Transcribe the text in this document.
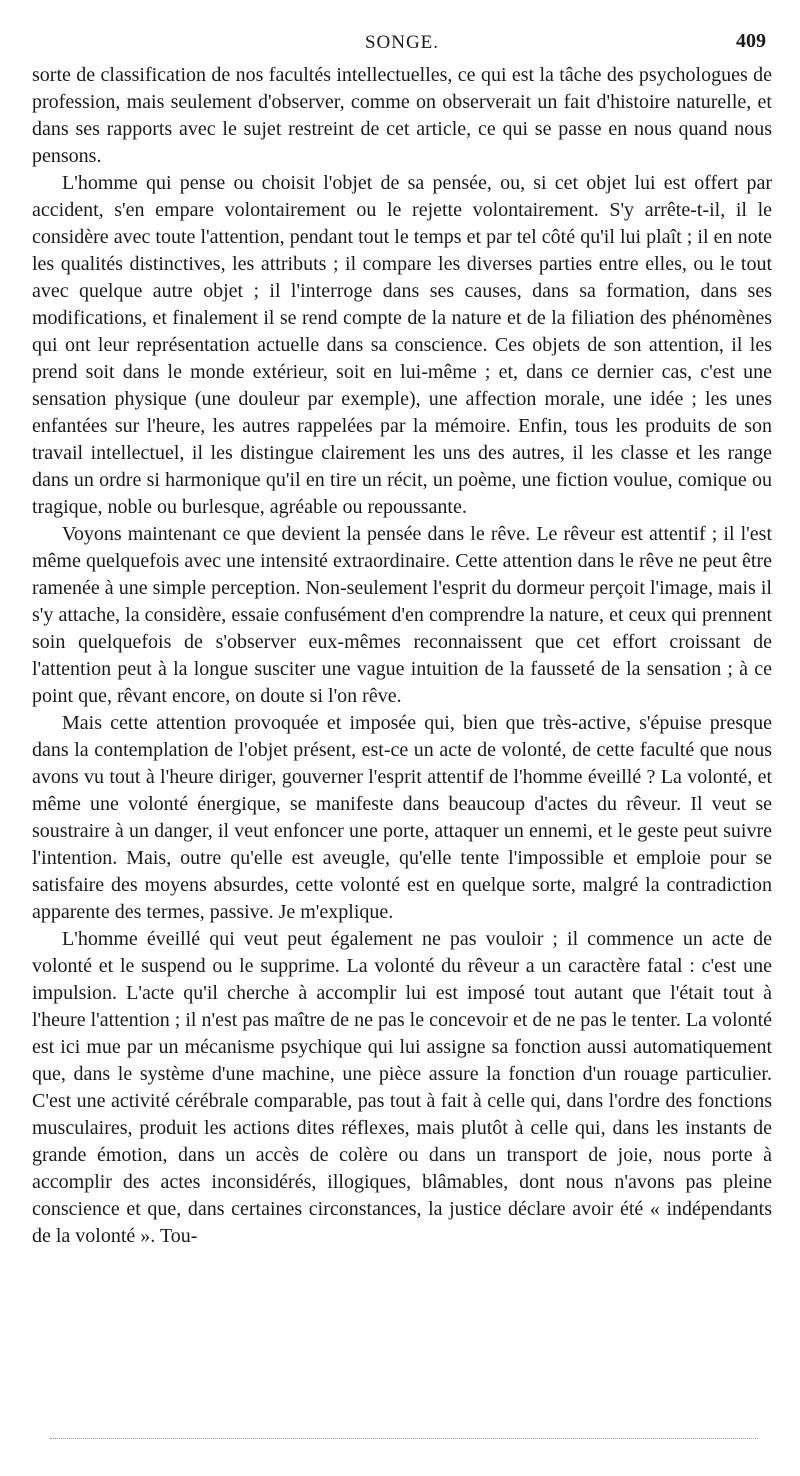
SONGE.	409

sorte de classification de nos facultés intellectuelles, ce qui est la tâche des psychologues de profession, mais seulement d'observer, comme on observerait un fait d'histoire naturelle, et dans ses rapports avec le sujet restreint de cet article, ce qui se passe en nous quand nous pensons.

L'homme qui pense ou choisit l'objet de sa pensée, ou, si cet objet lui est offert par accident, s'en empare volontairement ou le rejette volontairement. S'y arrête-t-il, il le considère avec toute l'attention, pendant tout le temps et par tel côté qu'il lui plaît ; il en note les qualités distinctives, les attributs ; il compare les diverses parties entre elles, ou le tout avec quelque autre objet ; il l'interroge dans ses causes, dans sa formation, dans ses modifications, et finalement il se rend compte de la nature et de la filiation des phénomènes qui ont leur représentation actuelle dans sa conscience. Ces objets de son attention, il les prend soit dans le monde extérieur, soit en lui-même ; et, dans ce dernier cas, c'est une sensation physique (une douleur par exemple), une affection morale, une idée ; les unes enfantées sur l'heure, les autres rappelées par la mémoire. Enfin, tous les produits de son travail intellectuel, il les distingue clairement les uns des autres, il les classe et les range dans un ordre si harmonique qu'il en tire un récit, un poème, une fiction voulue, comique ou tragique, noble ou burlesque, agréable ou repoussante.

Voyons maintenant ce que devient la pensée dans le rêve. Le rêveur est attentif ; il l'est même quelquefois avec une intensité extraordinaire. Cette attention dans le rêve ne peut être ramenée à une simple perception. Non-seulement l'esprit du dormeur perçoit l'image, mais il s'y attache, la considère, essaie confusément d'en comprendre la nature, et ceux qui prennent soin quelquefois de s'observer eux-mêmes reconnaissent que cet effort croissant de l'attention peut à la longue susciter une vague intuition de la fausseté de la sensation ; à ce point que, rêvant encore, on doute si l'on rêve.

Mais cette attention provoquée et imposée qui, bien que très-active, s'épuise presque dans la contemplation de l'objet présent, est-ce un acte de volonté, de cette faculté que nous avons vu tout à l'heure diriger, gouverner l'esprit attentif de l'homme éveillé ? La volonté, et même une volonté énergique, se manifeste dans beaucoup d'actes du rêveur. Il veut se soustraire à un danger, il veut enfoncer une porte, attaquer un ennemi, et le geste peut suivre l'intention. Mais, outre qu'elle est aveugle, qu'elle tente l'impossible et emploie pour se satisfaire des moyens absurdes, cette volonté est en quelque sorte, malgré la contradiction apparente des termes, passive. Je m'explique.

L'homme éveillé qui veut peut également ne pas vouloir ; il commence un acte de volonté et le suspend ou le supprime. La volonté du rêveur a un caractère fatal : c'est une impulsion. L'acte qu'il cherche à accomplir lui est imposé tout autant que l'était tout à l'heure l'attention ; il n'est pas maître de ne pas le concevoir et de ne pas le tenter. La volonté est ici mue par un mécanisme psychique qui lui assigne sa fonction aussi automatiquement que, dans le système d'une machine, une pièce assure la fonction d'un rouage particulier. C'est une activité cérébrale comparable, pas tout à fait à celle qui, dans l'ordre des fonctions musculaires, produit les actions dites réflexes, mais plutôt à celle qui, dans les instants de grande émotion, dans un accès de colère ou dans un transport de joie, nous porte à accomplir des actes inconsidérés, illogiques, blâmables, dont nous n'avons pas pleine conscience et que, dans certaines circonstances, la justice déclare avoir été « indépendants de la volonté ». Tou-
